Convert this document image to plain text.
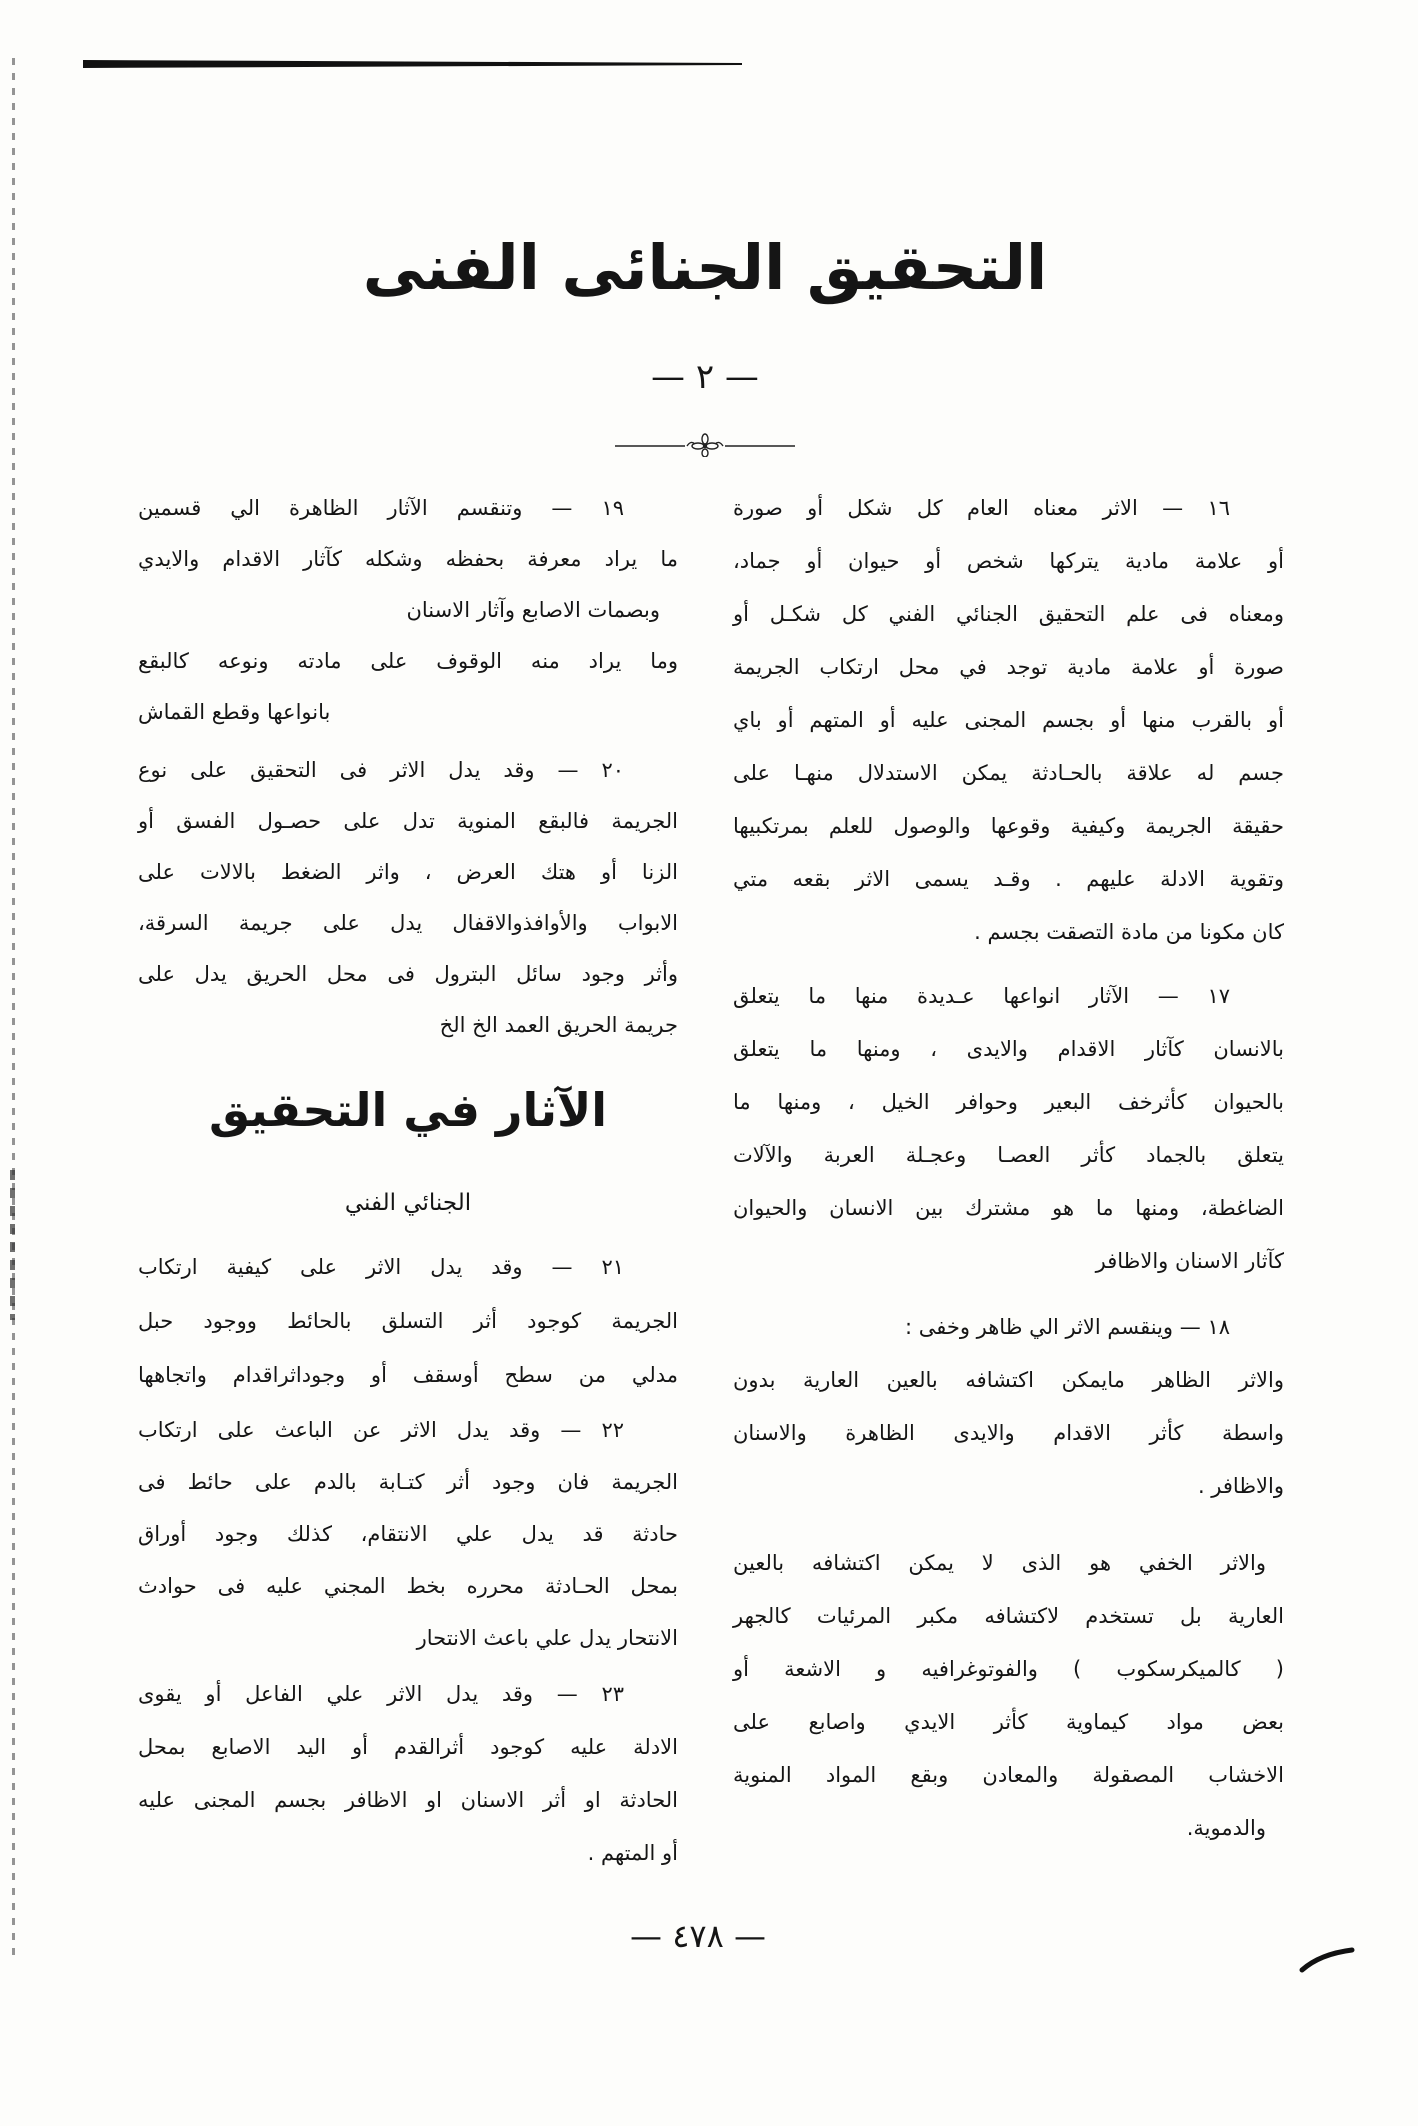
التحقيق الجنائى الفنى
— ٢ —
١٦ — الاثر معناه العام كل شكل أو صورة
أو علامة مادية يتركها شخص أو حيوان أو جماد،
ومعناه فى علم التحقيق الجنائي الفني كل شكـل أو
صورة أو علامة مادية توجد في محل ارتكاب الجريمة
أو بالقرب منها أو بجسم المجنى عليه أو المتهم أو باي
جسم له علاقة بالحـادثة يمكن الاستدلال منهـا على
حقيقة الجريمة وكيفية وقوعها والوصول للعلم بمرتكبيها
وتقوية الادلة عليهم . وقـد يسمى الاثر بقعه متي
كان مكونا من مادة التصقت بجسم .
١٧ — الآثار انواعها عـديدة منها ما يتعلق
بالانسان كآثار الاقدام والايدى ، ومنها ما يتعلق
بالحيوان كأثرخف البعير وحوافر الخيل ، ومنها ما
يتعلق بالجماد كأثر العصـا وعجـلة العربة والآلات
الضاغطة، ومنها ما هو مشترك بين الانسان والحيوان
كآثار الاسنان والاظافر
١٨ — وينقسم الاثر الي ظاهر وخفى :
والاثر الظاهر مايمكن اكتشافه بالعين العارية بدون
واسطة كأثر الاقدام والايدى الظاهرة والاسنان
والاظافر .
والاثر الخفي هو الذى لا يمكن اكتشافه بالعين
العارية بل تستخدم لاكتشافه مكبر المرئيات كالجهر
( كالميكرسكوب ) والفوتوغرافيه و الاشعة أو
بعض مواد كيماوية كأثر الايدي واصابع على
الاخشاب المصقولة والمعادن وبقع المواد المنوية
والدموية.
١٩ — وتنقسم الآثار الظاهرة الي قسمين
ما يراد معرفة بحفظه وشكله كآثار الاقدام والايدي
وبصمات الاصابع وآثار الاسنان
وما يراد منه الوقوف على مادته ونوعه كالبقع
بانواعها وقطع القماش
٢٠ — وقد يدل الاثر فى التحقيق على نوع
الجريمة فالبقع المنوية تدل على حصـول الفسق أو
الزنا أو هتك العرض ، واثر الضغط بالالات على
الابواب والأوافذوالاقفال يدل على جريمة السرقة،
وأثر وجود سائل البترول فى محل الحريق يدل على
جريمة الحريق العمد الخ الخ
الآثار في التحقيق
الجنائي الفني
٢١ — وقد يدل الاثر على كيفية ارتكاب
الجريمة كوجود أثر التسلق بالحائط ووجود حبل
مدلي من سطح أوسقف أو وجوداثراقدام واتجاهها
٢٢ — وقد يدل الاثر عن الباعث على ارتكاب
الجريمة فان وجود أثر كتـابة بالدم على حائط فى
حادثة قد يدل علي الانتقام، كذلك وجود أوراق
بمحل الحـادثة محرره بخط المجني عليه فى حوادث
الانتحار يدل علي باعث الانتحار
٢٣ — وقد يدل الاثر علي الفاعل أو يقوى
الادلة عليه كوجود أثرالقدم أو اليد الاصابع بمحل
الحادثة او أثر الاسنان او الاظافر بجسم المجنى عليه
أو المتهم .
— ٤٧٨ —
